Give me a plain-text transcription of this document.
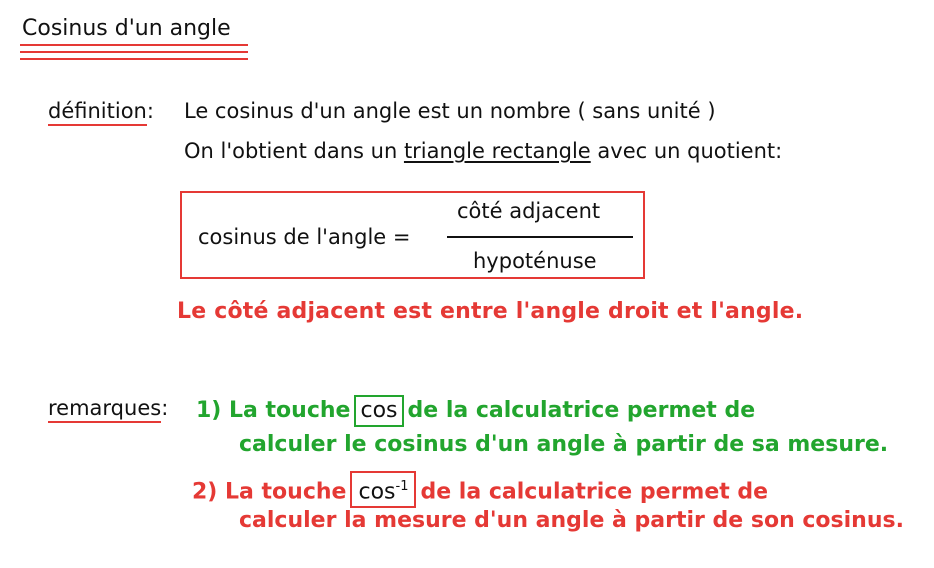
Cosinus d'un angle
définition: Le cosinus d'un angle est un nombre ( sans unité )
On l'obtient dans un triangle rectangle avec un quotient:
cosinus de l'angle =
côté adjacent
hypoténuse
Le côté adjacent est entre l'angle droit et l'angle.
remarques: 1) La touche cos de la calculatrice permet de
calculer le cosinus d'un angle à partir de sa mesure.
2) La touche $\cos^{-1}$ de la calculatrice permet de
calculer la mesure d'un angle à partir de son cosinus.
